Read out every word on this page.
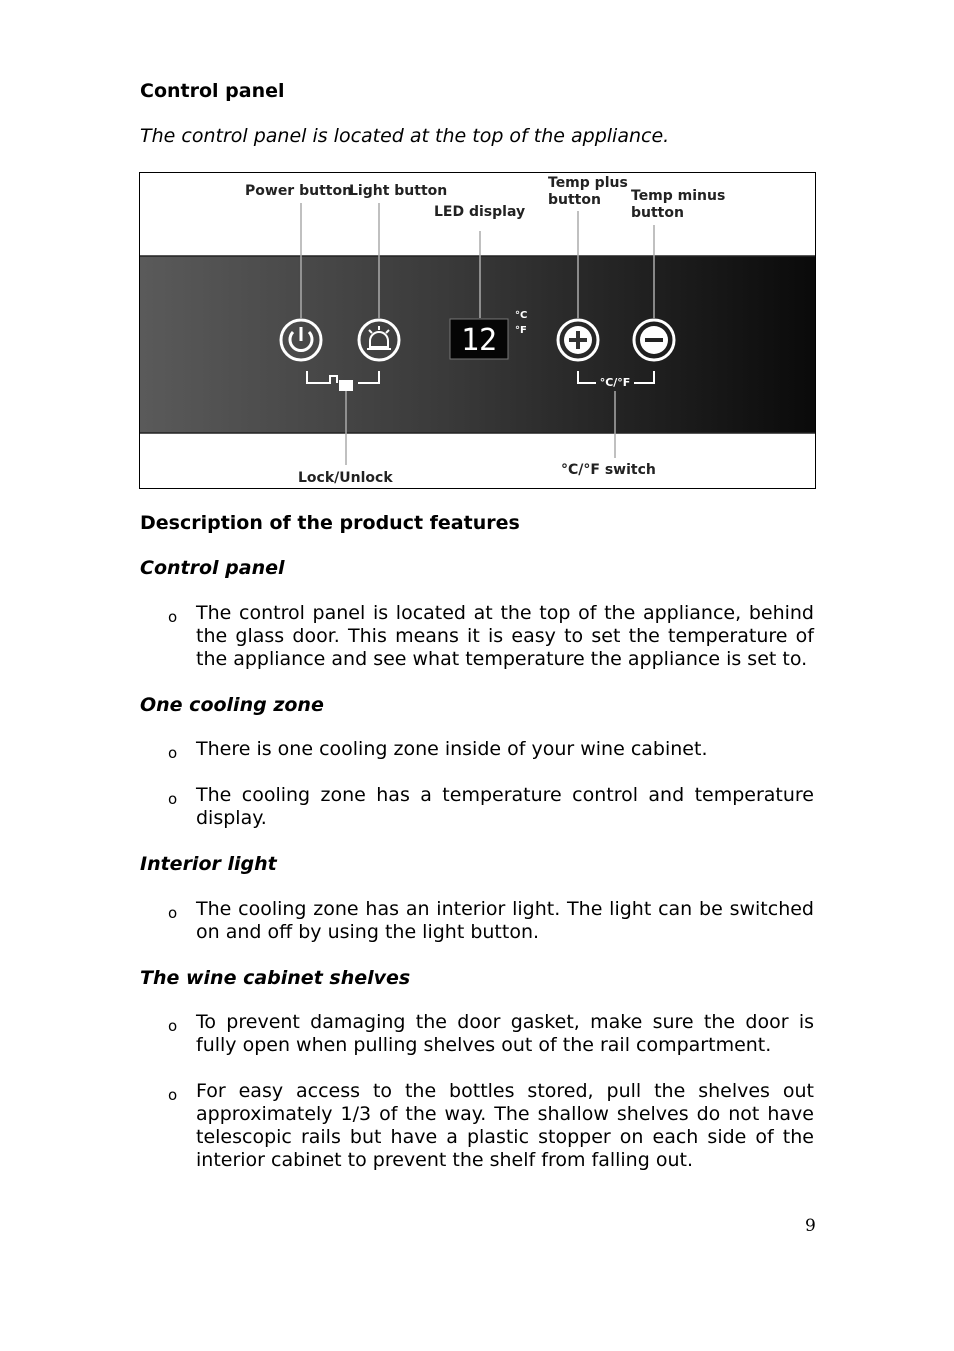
Control panel
The control panel is located at the top of the appliance.
Power button
Light button
LED display
Temp plus
button Temp minus
button
12
°C
°F
°C/°F
Lock/Unlock	°C/°F switch
Description of the product features
Control panel
o The control panel is located at the top of the appliance, behind the glass door. This means it is easy to set the temperature of the appliance and see what temperature the appliance is set to.
One cooling zone
o There is one cooling zone inside of your wine cabinet.
o The cooling zone has a temperature control and temperature display.
Interior light
o The cooling zone has an interior light. The light can be switched on and off by using the light button.
The wine cabinet shelves
o To prevent damaging the door gasket, make sure the door is fully open when pulling shelves out of the rail compartment.
o For easy access to the bottles stored, pull the shelves out approximately 1/3 of the way. The shallow shelves do not have telescopic rails but have a plastic stopper on each side of the interior cabinet to prevent the shelf from falling out.
9
